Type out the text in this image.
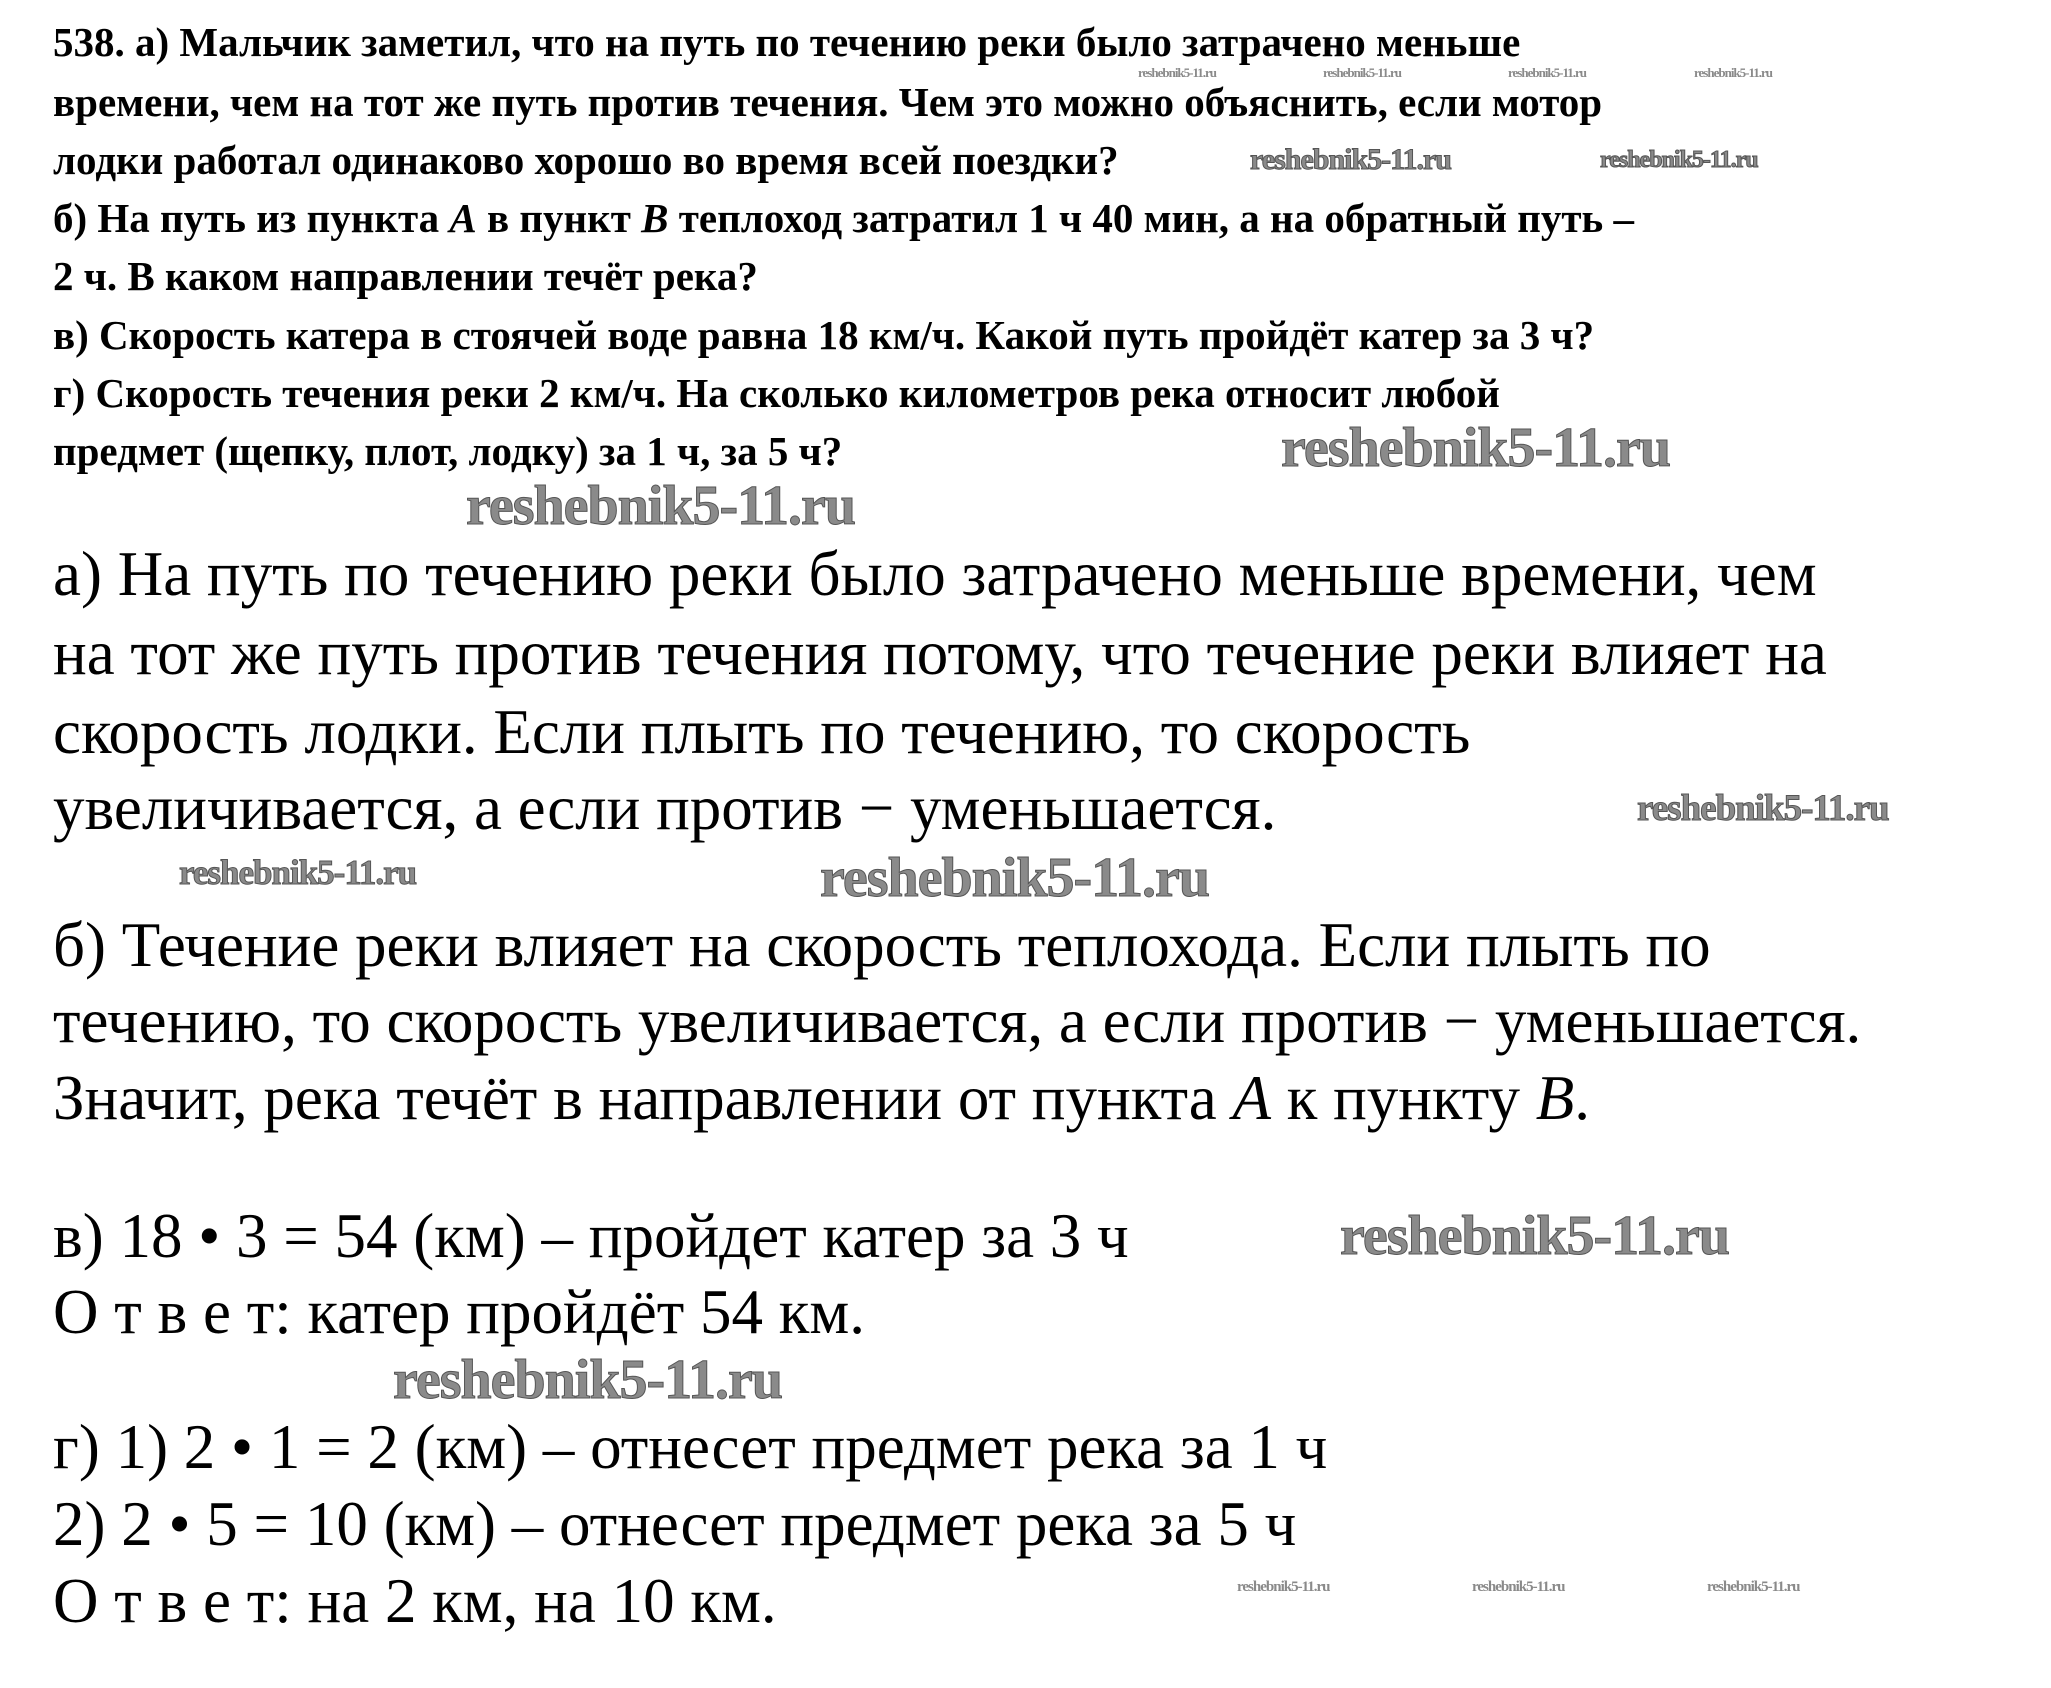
538. а) Мальчик заметил, что на путь по течению реки было затрачено меньше
времени, чем на тот же путь против течения. Чем это можно объяснить, если мотор
лодки работал одинаково хорошо во время всей поездки?
б) На путь из пункта A в пункт B теплоход затратил 1 ч 40 мин, а на обратный путь –
2 ч. В каком направлении течёт река?
в) Скорость катера в стоячей воде равна 18 км/ч. Какой путь пройдёт катер за 3 ч?
г) Скорость течения реки 2 км/ч. На сколько километров река относит любой
предмет (щепку, плот, лодку) за 1 ч, за 5 ч?
а) На путь по течению реки было затрачено меньше времени, чем
на тот же путь против течения потому, что течение реки влияет на
скорость лодки. Если плыть по течению, то скорость
увеличивается, а если против − уменьшается.
б) Течение реки влияет на скорость теплохода. Если плыть по
течению, то скорость увеличивается, а если против − уменьшается.
Значит, река течёт в направлении от пункта A к пункту B.
в) 18 • 3 = 54 (км) – пройдет катер за 3 ч
О т в е т: катер пройдёт 54 км.
г) 1) 2 • 1 = 2 (км) – отнесет предмет река за 1 ч
2) 2 • 5 = 10 (км) – отнесет предмет река за 5 ч
О т в е т: на 2 км, на 10 км.
reshebnik5-11.ru	reshebnik5-11.ru	reshebnik5-11.ru	reshebnik5-11.ru
reshebnik5-11.ru	reshebnik5-11.ru
reshebnik5-11.ru
reshebnik5-11.ru
reshebnik5-11.ru
reshebnik5-11.ru
reshebnik5-11.ru
reshebnik5-11.ru
reshebnik5-11.ru
reshebnik5-11.ru	reshebnik5-11.ru	reshebnik5-11.ru
